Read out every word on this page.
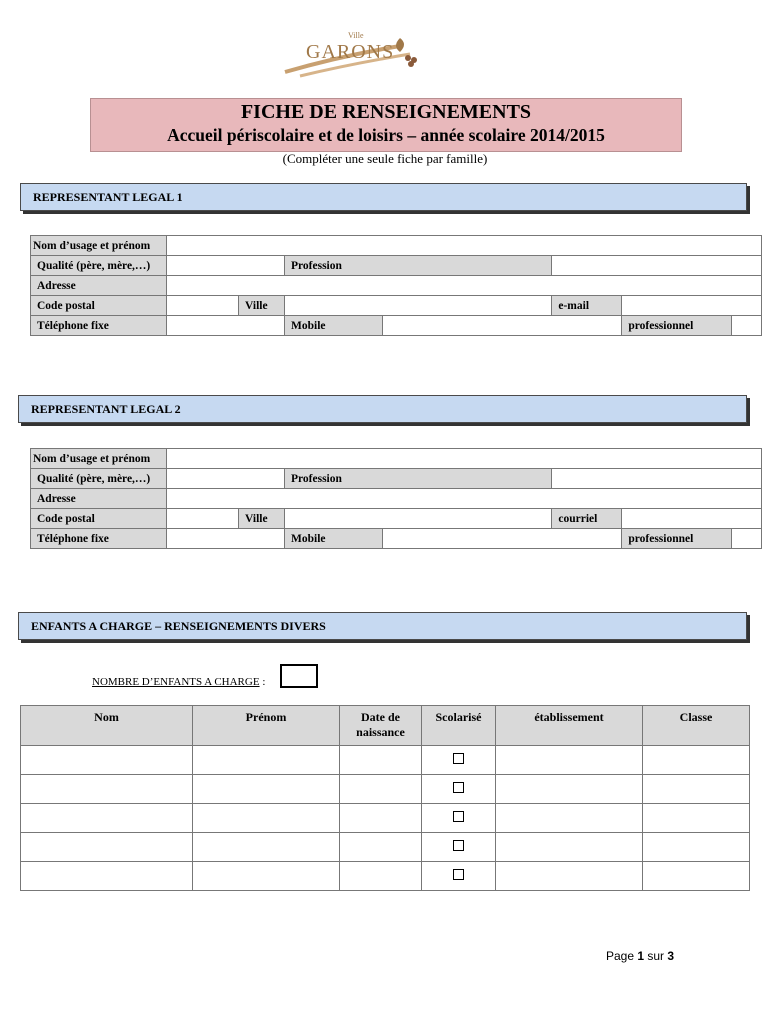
Ville
GARONS
FICHE DE RENSEIGNEMENTS
Accueil périscolaire et de loisirs – année scolaire 2014/2015
(Compléter une seule fiche par famille)
REPRESENTANT LEGAL 1
Nom d’usage et prénom							
Qualité (père, mère,…)			Profession				
Adresse							
Code postal		Ville			e-mail		
Téléphone fixe			Mobile			professionnel	
REPRESENTANT LEGAL 2
Nom d’usage et prénom							
Qualité (père, mère,…)			Profession				
Adresse							
Code postal		Ville			courriel		
Téléphone fixe			Mobile			professionnel	
ENFANTS A CHARGE – RENSEIGNEMENTS DIVERS
NOMBRE D’ENFANTS A CHARGE :
Nom	Prénom	Date de naissance	Scolarisé	établissement	Classe

Page 1 sur 3
